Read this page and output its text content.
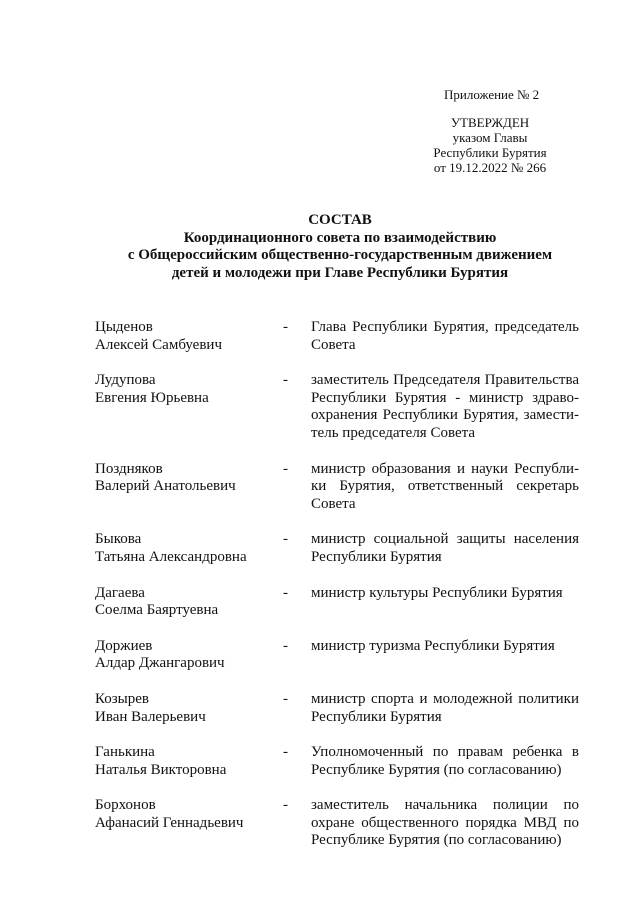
Приложение № 2
УТВЕРЖДЕН
указом Главы
Республики Бурятия
от 19.12.2022 № 266
СОСТАВ
Координационного совета по взаимодействию
с Общероссийским общественно-государственным движением
детей и молодежи при Главе Республики Бурятия
Цыденов
Алексей Самбуевич
-	Глава Республики Бурятия, председатель
Совета
Лудупова
Евгения Юрьевна
-	заместитель Председателя Правительства
Республики Бурятия - министр здраво-
охранения Республики Бурятия, замести-
тель председателя Совета
Поздняков
Валерий Анатольевич
-	министр образования и науки Республи-
ки Бурятия, ответственный секретарь
Совета
Быкова
Татьяна Александровна
-	министр социальной защиты населения
Республики Бурятия
Дагаева
Соелма Баяртуевна
-	министр культуры Республики Бурятия
Доржиев
Алдар Джангарович
-	министр туризма Республики Бурятия
Козырев
Иван Валерьевич
-	министр спорта и молодежной политики
Республики Бурятия
Ганькина
Наталья Викторовна
-	Уполномоченный по правам ребенка в
Республике Бурятия (по согласованию)
Борхонов
Афанасий Геннадьевич
-	заместитель начальника полиции по
охране общественного порядка МВД по
Республике Бурятия (по согласованию)
